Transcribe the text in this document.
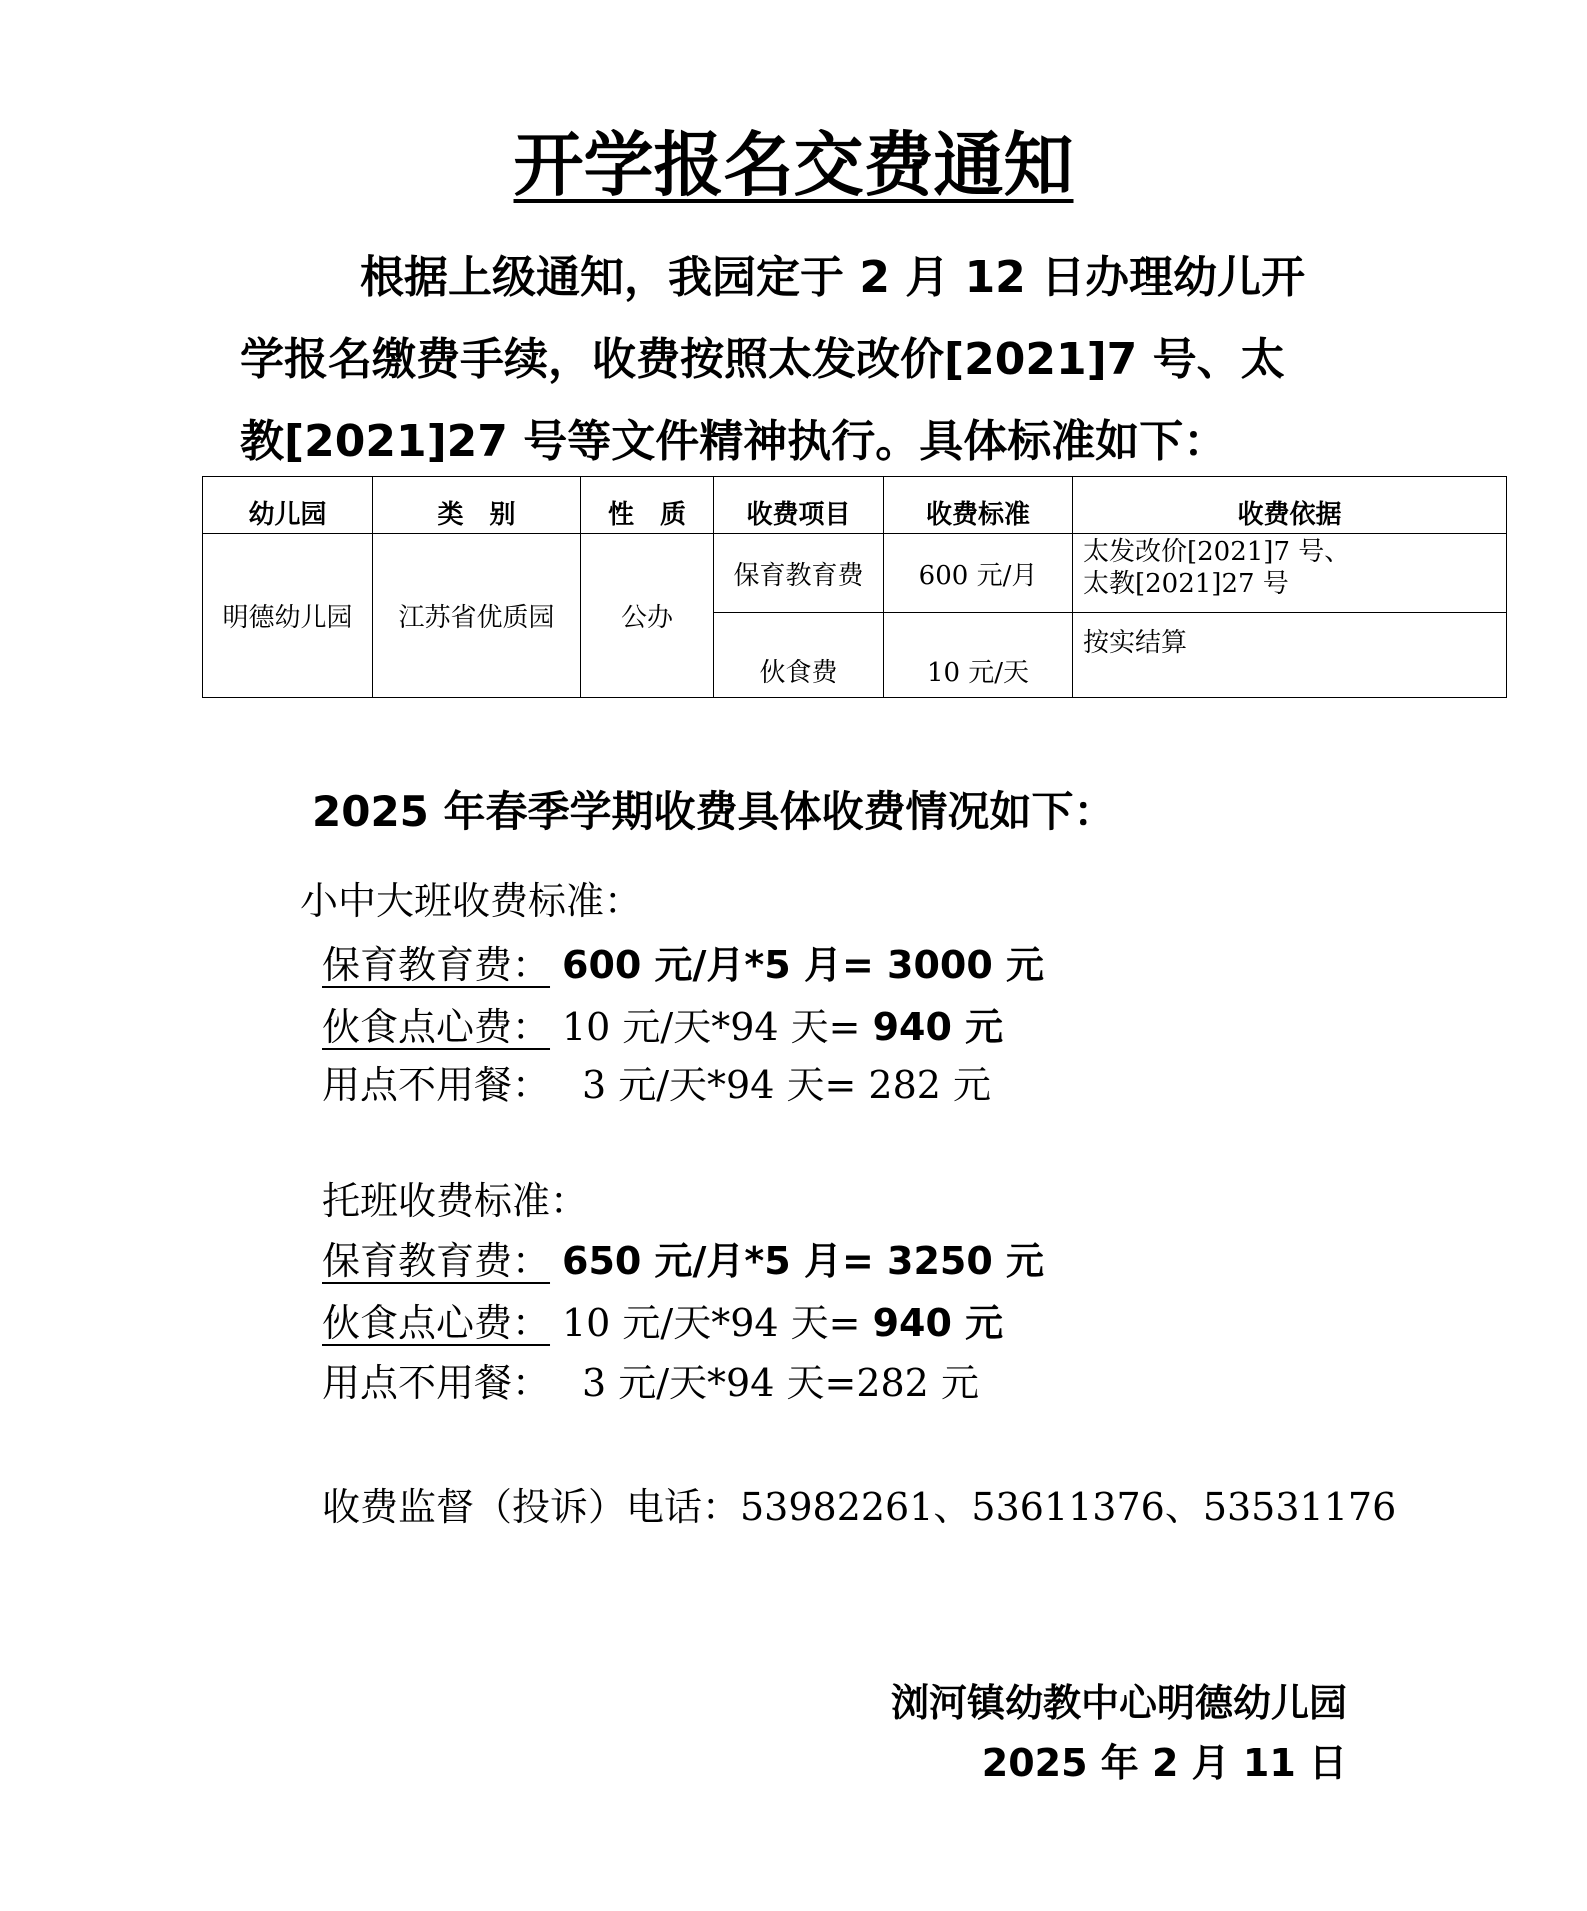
开学报名交费通知
根据上级通知，我园定于 2 月 12 日办理幼儿开
学报名缴费手续，收费按照太发改价[2021]7 号、太
教[2021]27 号等文件精神执行。具体标准如下：
幼儿园	类　别	性　质	收费项目	收费标准	收费依据
明德幼儿园	江苏省优质园	公办	保育教育费	600 元/月	太发改价[2021]7 号、
太教[2021]27 号

			伙食费	10 元/天	按实结算
2025 年春季学期收费具体收费情况如下：
小中大班收费标准：
保育教育费： 600 元/月*5 月= 3000 元
伙食点心费： 10 元/天*94 天= 940 元
用点不用餐： 3 元/天*94 天= 282 元
托班收费标准：
保育教育费： 650 元/月*5 月= 3250 元
伙食点心费： 10 元/天*94 天= 940 元
用点不用餐： 3 元/天*94 天=282 元
收费监督（投诉）电话：53982261、53611376、53531176
浏河镇幼教中心明德幼儿园
2025 年 2 月 11 日
